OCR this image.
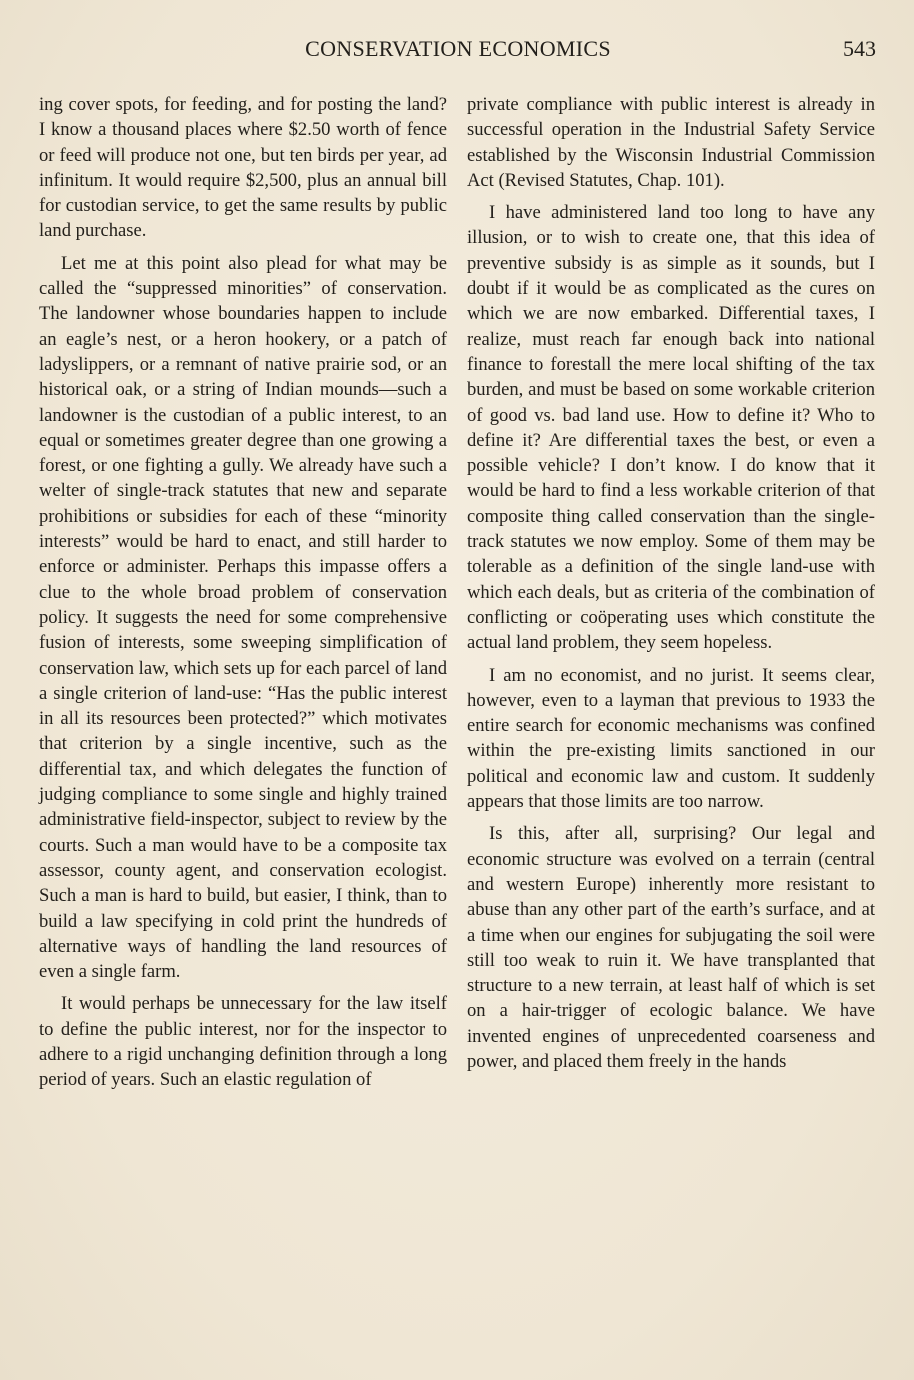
CONSERVATION ECONOMICS	543

ing cover spots, for feeding, and for posting the land? I know a thousand places where $2.50 worth of fence or feed will produce not one, but ten birds per year, ad infinitum. It would require $2,500, plus an annual bill for custodian service, to get the same results by public land purchase.

Let me at this point also plead for what may be called the “suppressed minorities” of conservation. The landowner whose boundaries happen to include an eagle’s nest, or a heron hookery, or a patch of ladyslippers, or a remnant of native prairie sod, or an historical oak, or a string of Indian mounds—such a landowner is the custodian of a public interest, to an equal or sometimes greater degree than one growing a forest, or one fighting a gully. We already have such a welter of single-track statutes that new and separate prohibitions or subsidies for each of these “minority interests” would be hard to enact, and still harder to enforce or administer. Perhaps this impasse offers a clue to the whole broad problem of conservation policy. It suggests the need for some comprehensive fusion of interests, some sweeping simplification of conservation law, which sets up for each parcel of land a single criterion of land-use: “Has the public interest in all its resources been protected?” which motivates that criterion by a single incentive, such as the differential tax, and which delegates the function of judging compliance to some single and highly trained administrative field-inspector, subject to review by the courts. Such a man would have to be a composite tax assessor, county agent, and conservation ecologist. Such a man is hard to build, but easier, I think, than to build a law specifying in cold print the hundreds of alternative ways of handling the land resources of even a single farm.

It would perhaps be unnecessary for the law itself to define the public interest, nor for the inspector to adhere to a rigid unchanging definition through a long period of years. Such an elastic regulation of

private compliance with public interest is already in successful operation in the Industrial Safety Service established by the Wisconsin Industrial Commission Act (Revised Statutes, Chap. 101).

I have administered land too long to have any illusion, or to wish to create one, that this idea of preventive subsidy is as simple as it sounds, but I doubt if it would be as complicated as the cures on which we are now embarked. Differential taxes, I realize, must reach far enough back into national finance to forestall the mere local shifting of the tax burden, and must be based on some workable criterion of good vs. bad land use. How to define it? Who to define it? Are differential taxes the best, or even a possible vehicle? I don’t know. I do know that it would be hard to find a less workable criterion of that composite thing called conservation than the single-track statutes we now employ. Some of them may be tolerable as a definition of the single land-use with which each deals, but as criteria of the combination of conflicting or coöperating uses which constitute the actual land problem, they seem hopeless.

I am no economist, and no jurist. It seems clear, however, even to a layman that previous to 1933 the entire search for economic mechanisms was confined within the pre-existing limits sanctioned in our political and economic law and custom. It suddenly appears that those limits are too narrow.

Is this, after all, surprising? Our legal and economic structure was evolved on a terrain (central and western Europe) inherently more resistant to abuse than any other part of the earth’s surface, and at a time when our engines for subjugating the soil were still too weak to ruin it. We have transplanted that structure to a new terrain, at least half of which is set on a hair-trigger of ecologic balance. We have invented engines of unprecedented coarseness and power, and placed them freely in the hands
